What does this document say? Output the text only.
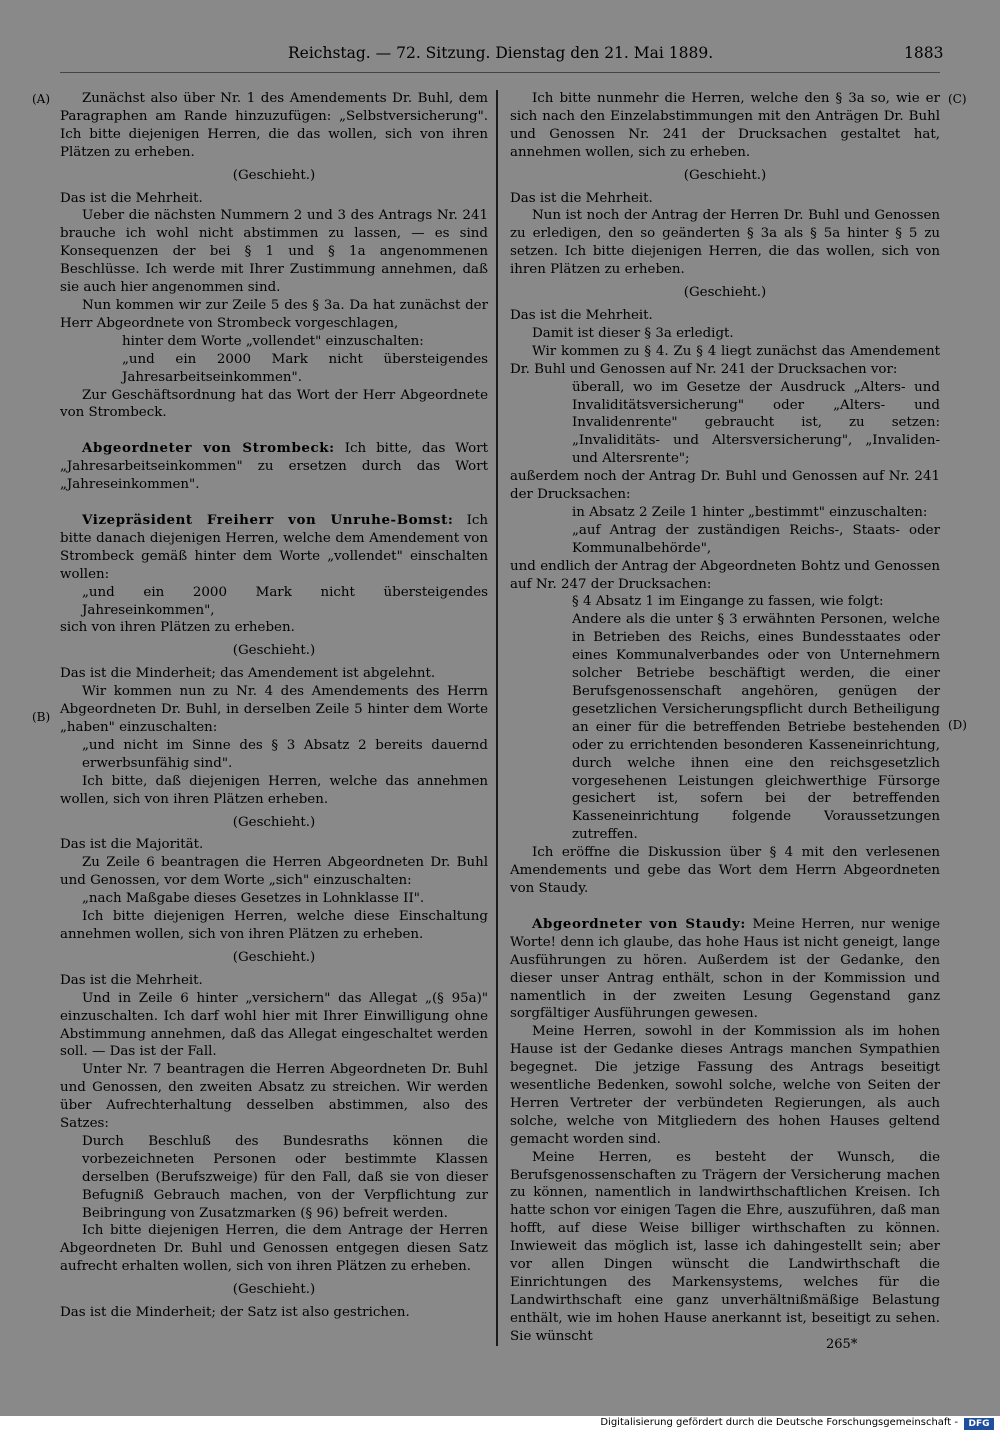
Reichstag. — 72. Sitzung. Dienstag den 21. Mai 1889.	1883
(A)
(B)
(C)
(D)

Zunächst also über Nr. 1 des Amendements Dr. Buhl, dem Paragraphen am Rande hinzuzufügen: „Selbstversicherung". Ich bitte diejenigen Herren, die das wollen, sich von ihren Plätzen zu erheben.

(Geschieht.)

Das ist die Mehrheit.

Ueber die nächsten Nummern 2 und 3 des Antrags Nr. 241 brauche ich wohl nicht abstimmen zu lassen, — es sind Konsequenzen der bei § 1 und § 1a angenommenen Beschlüsse. Ich werde mit Ihrer Zustimmung annehmen, daß sie auch hier angenommen sind.

Nun kommen wir zur Zeile 5 des § 3a. Da hat zunächst der Herr Abgeordnete von Strombeck vorgeschlagen,

hinter dem Worte „vollendet" einzuschalten:

„und ein 2000 Mark nicht übersteigendes Jahresarbeitseinkommen".

Zur Geschäftsordnung hat das Wort der Herr Abgeordnete von Strombeck.

Abgeordneter von Strombeck: Ich bitte, das Wort „Jahresarbeitseinkommen" zu ersetzen durch das Wort „Jahreseinkommen".

Vizepräsident Freiherr von Unruhe-Bomst: Ich bitte danach diejenigen Herren, welche dem Amendement von Strombeck gemäß hinter dem Worte „vollendet" einschalten wollen:

„und ein 2000 Mark nicht übersteigendes Jahreseinkommen",

sich von ihren Plätzen zu erheben.

(Geschieht.)

Das ist die Minderheit; das Amendement ist abgelehnt.

Wir kommen nun zu Nr. 4 des Amendements des Herrn Abgeordneten Dr. Buhl, in derselben Zeile 5 hinter dem Worte „haben" einzuschalten:

„und nicht im Sinne des § 3 Absatz 2 bereits dauernd erwerbsunfähig sind".

Ich bitte, daß diejenigen Herren, welche das annehmen wollen, sich von ihren Plätzen erheben.

(Geschieht.)

Das ist die Majorität.

Zu Zeile 6 beantragen die Herren Abgeordneten Dr. Buhl und Genossen, vor dem Worte „sich" einzuschalten:

„nach Maßgabe dieses Gesetzes in Lohnklasse II".

Ich bitte diejenigen Herren, welche diese Einschaltung annehmen wollen, sich von ihren Plätzen zu erheben.

(Geschieht.)

Das ist die Mehrheit.

Und in Zeile 6 hinter „versichern" das Allegat „(§ 95a)" einzuschalten. Ich darf wohl hier mit Ihrer Einwilligung ohne Abstimmung annehmen, daß das Allegat eingeschaltet werden soll. — Das ist der Fall.

Unter Nr. 7 beantragen die Herren Abgeordneten Dr. Buhl und Genossen, den zweiten Absatz zu streichen. Wir werden über Aufrechterhaltung desselben abstimmen, also des Satzes:

Durch Beschluß des Bundesraths können die vorbezeichneten Personen oder bestimmte Klassen derselben (Berufszweige) für den Fall, daß sie von dieser Befugniß Gebrauch machen, von der Verpflichtung zur Beibringung von Zusatzmarken (§ 96) befreit werden.

Ich bitte diejenigen Herren, die dem Antrage der Herren Abgeordneten Dr. Buhl und Genossen entgegen diesen Satz aufrecht erhalten wollen, sich von ihren Plätzen zu erheben.

(Geschieht.)

Das ist die Minderheit; der Satz ist also gestrichen.

Ich bitte nunmehr die Herren, welche den § 3a so, wie er sich nach den Einzelabstimmungen mit den Anträgen Dr. Buhl und Genossen Nr. 241 der Drucksachen gestaltet hat, annehmen wollen, sich zu erheben.

(Geschieht.)

Das ist die Mehrheit.

Nun ist noch der Antrag der Herren Dr. Buhl und Genossen zu erledigen, den so geänderten § 3a als § 5a hinter § 5 zu setzen. Ich bitte diejenigen Herren, die das wollen, sich von ihren Plätzen zu erheben.

(Geschieht.)

Das ist die Mehrheit.

Damit ist dieser § 3a erledigt.

Wir kommen zu § 4. Zu § 4 liegt zunächst das Amendement Dr. Buhl und Genossen auf Nr. 241 der Drucksachen vor:

überall, wo im Gesetze der Ausdruck „Alters- und Invaliditätsversicherung" oder „Alters- und Invalidenrente" gebraucht ist, zu setzen: „Invaliditäts- und Altersversicherung", „Invaliden- und Altersrente";

außerdem noch der Antrag Dr. Buhl und Genossen auf Nr. 241 der Drucksachen:

in Absatz 2 Zeile 1 hinter „bestimmt" einzuschalten:

„auf Antrag der zuständigen Reichs-, Staats- oder Kommunalbehörde",

und endlich der Antrag der Abgeordneten Bohtz und Genossen auf Nr. 247 der Drucksachen:

§ 4 Absatz 1 im Eingange zu fassen, wie folgt:

Andere als die unter § 3 erwähnten Personen, welche in Betrieben des Reichs, eines Bundesstaates oder eines Kommunalverbandes oder von Unternehmern solcher Betriebe beschäftigt werden, die einer Berufsgenossenschaft angehören, genügen der gesetzlichen Versicherungspflicht durch Betheiligung an einer für die betreffenden Betriebe bestehenden oder zu errichtenden besonderen Kasseneinrichtung, durch welche ihnen eine den reichsgesetzlich vorgesehenen Leistungen gleichwerthige Fürsorge gesichert ist, sofern bei der betreffenden Kasseneinrichtung folgende Voraussetzungen zutreffen.

Ich eröffne die Diskussion über § 4 mit den verlesenen Amendements und gebe das Wort dem Herrn Abgeordneten von Staudy.

Abgeordneter von Staudy: Meine Herren, nur wenige Worte! denn ich glaube, das hohe Haus ist nicht geneigt, lange Ausführungen zu hören. Außerdem ist der Gedanke, den dieser unser Antrag enthält, schon in der Kommission und namentlich in der zweiten Lesung Gegenstand ganz sorgfältiger Ausführungen gewesen.

Meine Herren, sowohl in der Kommission als im hohen Hause ist der Gedanke dieses Antrags manchen Sympathien begegnet. Die jetzige Fassung des Antrags beseitigt wesentliche Bedenken, sowohl solche, welche von Seiten der Herren Vertreter der verbündeten Regierungen, als auch solche, welche von Mitgliedern des hohen Hauses geltend gemacht worden sind.

Meine Herren, es besteht der Wunsch, die Berufsgenossenschaften zu Trägern der Versicherung machen zu können, namentlich in landwirthschaftlichen Kreisen. Ich hatte schon vor einigen Tagen die Ehre, auszuführen, daß man hofft, auf diese Weise billiger wirthschaften zu können. Inwieweit das möglich ist, lasse ich dahingestellt sein; aber vor allen Dingen wünscht die Landwirthschaft die Einrichtungen des Markensystems, welches für die Landwirthschaft eine ganz unverhältnißmäßige Belastung enthält, wie im hohen Hause anerkannt ist, beseitigt zu sehen. Sie wünscht

265*
Digitalisierung gefördert durch die Deutsche Forschungsgemeinschaft -	DFG
